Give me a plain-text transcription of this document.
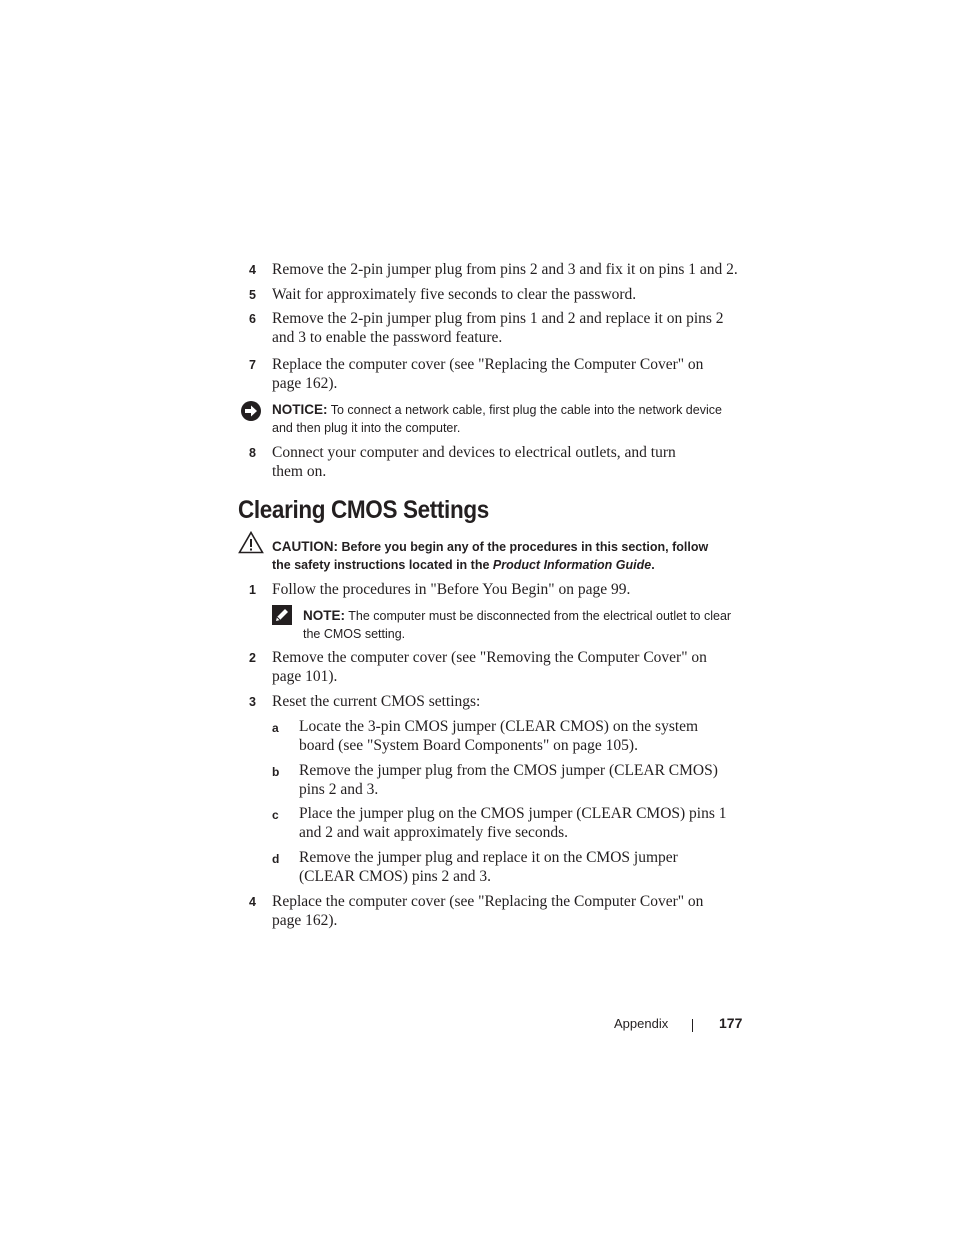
4 Remove the 2-pin jumper plug from pins 2 and 3 and fix it on pins 1 and 2.
5 Wait for approximately five seconds to clear the password.
6 Remove the 2-pin jumper plug from pins 1 and 2 and replace it on pins 2 and 3 to enable the password feature.
7 Replace the computer cover (see "Replacing the Computer Cover" on page 162).
NOTICE: To connect a network cable, first plug the cable into the network device and then plug it into the computer.
8 Connect your computer and devices to electrical outlets, and turn them on.
Clearing CMOS Settings
CAUTION: Before you begin any of the procedures in this section, follow the safety instructions located in the Product Information Guide.
1 Follow the procedures in "Before You Begin" on page 99.
NOTE: The computer must be disconnected from the electrical outlet to clear the CMOS setting.
2 Remove the computer cover (see "Removing the Computer Cover" on page 101).
3 Reset the current CMOS settings:
a Locate the 3-pin CMOS jumper (CLEAR CMOS) on the system board (see "System Board Components" on page 105).
b Remove the jumper plug from the CMOS jumper (CLEAR CMOS) pins 2 and 3.
c Place the jumper plug on the CMOS jumper (CLEAR CMOS) pins 1 and 2 and wait approximately five seconds.
d Remove the jumper plug and replace it on the CMOS jumper (CLEAR CMOS) pins 2 and 3.
4 Replace the computer cover (see "Replacing the Computer Cover" on page 162).
Appendix	177
